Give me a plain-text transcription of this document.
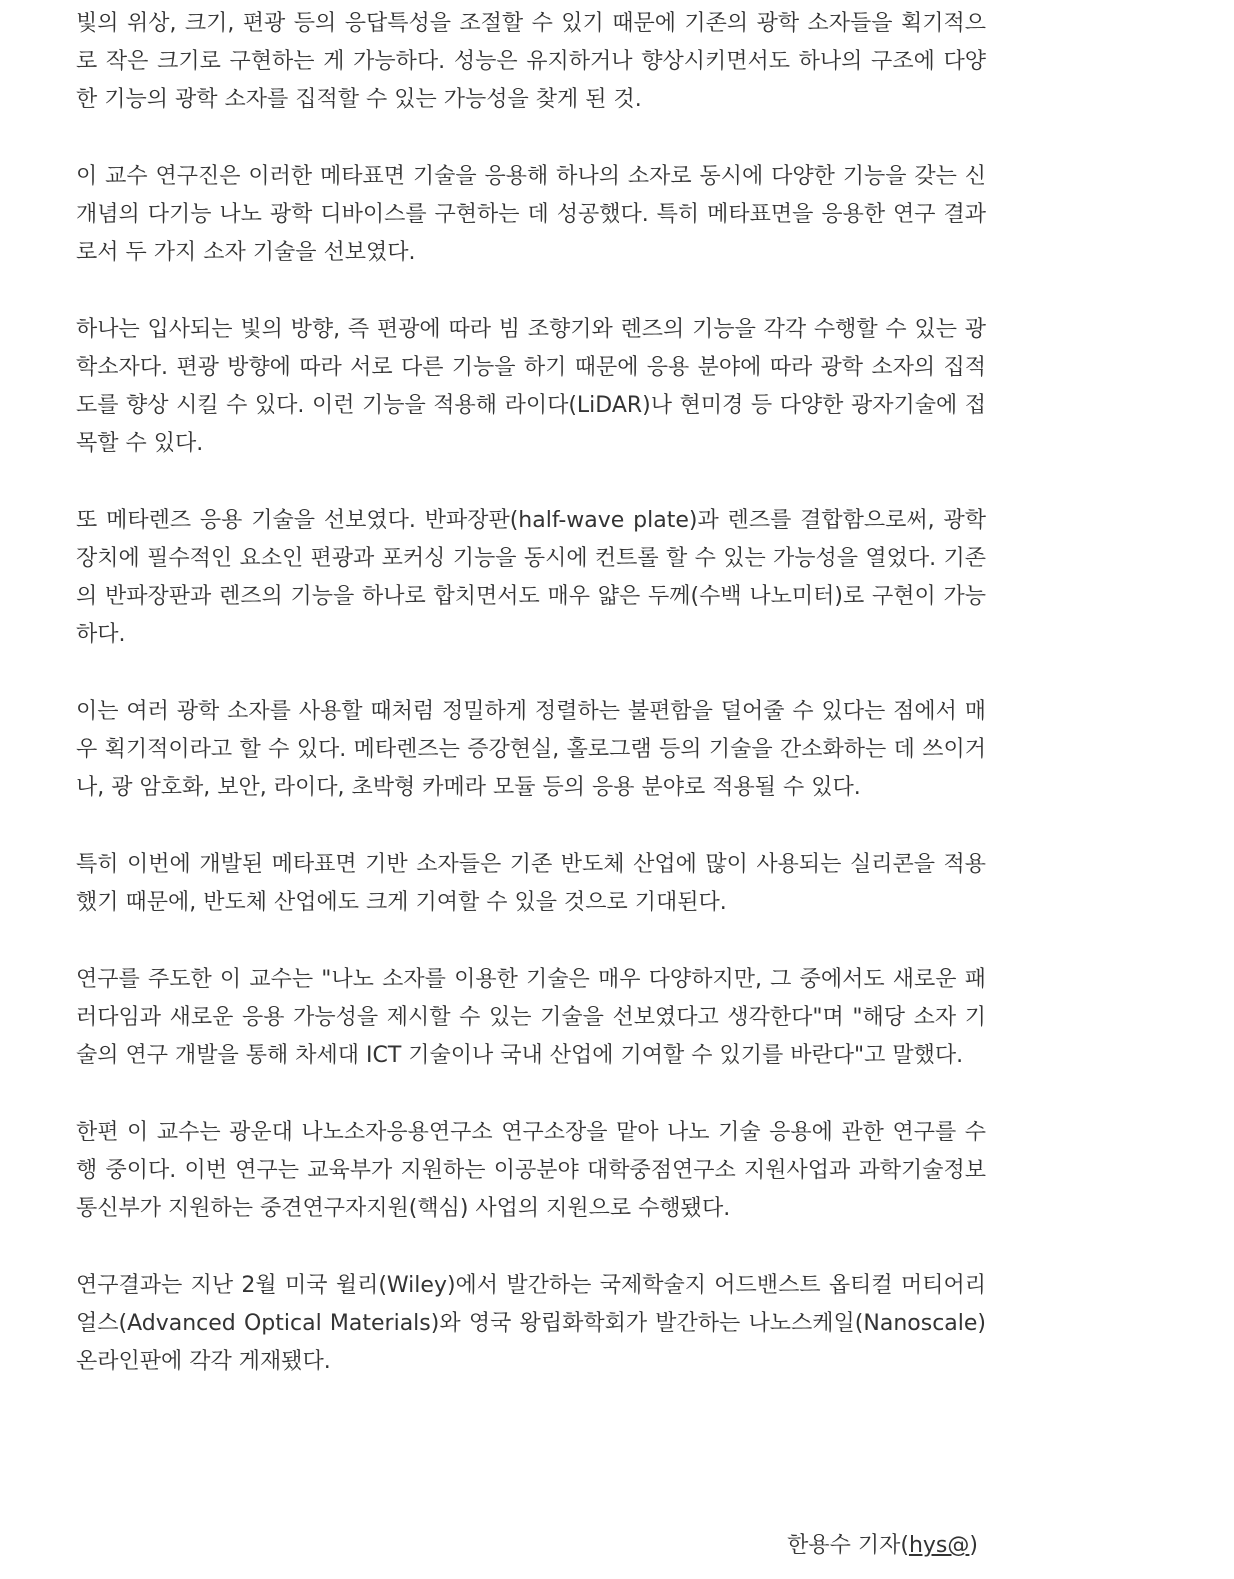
빛의 위상, 크기, 편광 등의 응답특성을 조절할 수 있기 때문에 기존의 광학 소자들을 획기적으로 작은 크기로 구현하는 게 가능하다. 성능은 유지하거나 향상시키면서도 하나의 구조에 다양한 기능의 광학 소자를 집적할 수 있는 가능성을 찾게 된 것.

이 교수 연구진은 이러한 메타표면 기술을 응용해 하나의 소자로 동시에 다양한 기능을 갖는 신개념의 다기능 나노 광학 디바이스를 구현하는 데 성공했다. 특히 메타표면을 응용한 연구 결과로서 두 가지 소자 기술을 선보였다.

하나는 입사되는 빛의 방향, 즉 편광에 따라 빔 조향기와 렌즈의 기능을 각각 수행할 수 있는 광학소자다. 편광 방향에 따라 서로 다른 기능을 하기 때문에 응용 분야에 따라 광학 소자의 집적도를 향상 시킬 수 있다. 이런 기능을 적용해 라이다(LiDAR)나 현미경 등 다양한 광자기술에 접목할 수 있다.

또 메타렌즈 응용 기술을 선보였다. 반파장판(half-wave plate)과 렌즈를 결합함으로써, 광학 장치에 필수적인 요소인 편광과 포커싱 기능을 동시에 컨트롤 할 수 있는 가능성을 열었다. 기존의 반파장판과 렌즈의 기능을 하나로 합치면서도 매우 얇은 두께(수백 나노미터)로 구현이 가능하다.

이는 여러 광학 소자를 사용할 때처럼 정밀하게 정렬하는 불편함을 덜어줄 수 있다는 점에서 매우 획기적이라고 할 수 있다. 메타렌즈는 증강현실, 홀로그램 등의 기술을 간소화하는 데 쓰이거나, 광 암호화, 보안, 라이다, 초박형 카메라 모듈 등의 응용 분야로 적용될 수 있다.

특히 이번에 개발된 메타표면 기반 소자들은 기존 반도체 산업에 많이 사용되는 실리콘을 적용했기 때문에, 반도체 산업에도 크게 기여할 수 있을 것으로 기대된다.

연구를 주도한 이 교수는 "나노 소자를 이용한 기술은 매우 다양하지만, 그 중에서도 새로운 패러다임과 새로운 응용 가능성을 제시할 수 있는 기술을 선보였다고 생각한다"며 "해당 소자 기술의 연구 개발을 통해 차세대 ICT 기술이나 국내 산업에 기여할 수 있기를 바란다"고 말했다.

한편 이 교수는 광운대 나노소자응용연구소 연구소장을 맡아 나노 기술 응용에 관한 연구를 수행 중이다. 이번 연구는 교육부가 지원하는 이공분야 대학중점연구소 지원사업과 과학기술정보통신부가 지원하는 중견연구자지원(핵심) 사업의 지원으로 수행됐다.

연구결과는 지난 2월 미국 윌리(Wiley)에서 발간하는 국제학술지 어드밴스트 옵티컬 머티어리얼스(Advanced Optical Materials)와 영국 왕립화학회가 발간하는 나노스케일(Nanoscale) 온라인판에 각각 게재됐다.

한용수 기자(hys@)
